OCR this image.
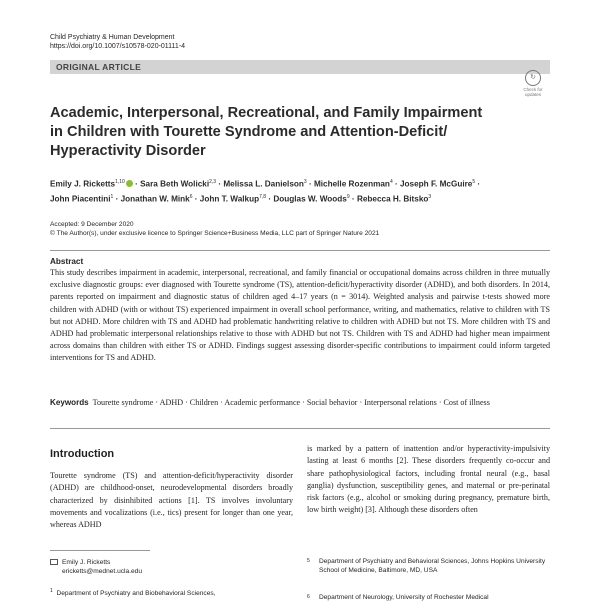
Child Psychiatry & Human Development
https://doi.org/10.1007/s10578-020-01111-4
ORIGINAL ARTICLE
↻
Check for updates
Academic, Interpersonal, Recreational, and Family Impairment
in Children with Tourette Syndrome and Attention-Deficit/
Hyperactivity Disorder
Emily J. Ricketts$^{1,10}$ · Sara Beth Wolicki$^{2,3}$ · Melissa L. Danielson$^3$ · Michelle Rozenman$^4$ · Joseph F. McGuire$^5$ ·
John Piacentini$^1$ · Jonathan W. Mink$^6$ · John T. Walkup$^{7,8}$ · Douglas W. Woods$^9$ · Rebecca H. Bitsko$^3$
Accepted: 9 December 2020
© The Author(s), under exclusive licence to Springer Science+Business Media, LLC part of Springer Nature 2021
Abstract
This study describes impairment in academic, interpersonal, recreational, and family financial or occupational domains across children in three mutually exclusive diagnostic groups: ever diagnosed with Tourette syndrome (TS), attention-deficit/hyperactivity disorder (ADHD), and both disorders. In 2014, parents reported on impairment and diagnostic status of children aged 4–17 years (n = 3014). Weighted analysis and pairwise t-tests showed more children with ADHD (with or without TS) experienced impairment in overall school performance, writing, and mathematics, relative to children with TS but not ADHD. More children with TS and ADHD had problematic handwriting relative to children with ADHD but not TS. More children with TS and ADHD had problematic interpersonal relationships relative to those with ADHD but not TS. Children with TS and ADHD had higher mean impairment across domains than children with either TS or ADHD. Findings suggest assessing disorder-specific contributions to impairment could inform targeted interventions for TS and ADHD.
Keywords Tourette syndrome · ADHD · Children · Academic performance · Social behavior · Interpersonal relations · Cost of illness
Introduction
Tourette syndrome (TS) and attention-deficit/hyperactivity disorder (ADHD) are childhood-onset, neurodevelopmental disorders broadly characterized by disinhibited actions [1]. TS involves involuntary movements and vocalizations (i.e., tics) present for longer than one year, whereas ADHD
is marked by a pattern of inattention and/or hyperactivity-impulsivity lasting at least 6 months [2]. These disorders frequently co-occur and share pathophysiological factors, including frontal neural (e.g., basal ganglia) dysfunction, susceptibility genes, and maternal or pre-perinatal risk factors (e.g., alcohol or smoking during pregnancy, premature birth, low birth weight) [3]. Although these disorders often
Emily J. Ricketts
ericketts@mednet.ucla.edu
$^1$ Department of Psychiatry and Biobehavioral Sciences,
5	Department of Psychiatry and Behavioral Sciences, Johns Hopkins University School of Medicine, Baltimore, MD, USA
6	Department of Neurology, University of Rochester Medical
